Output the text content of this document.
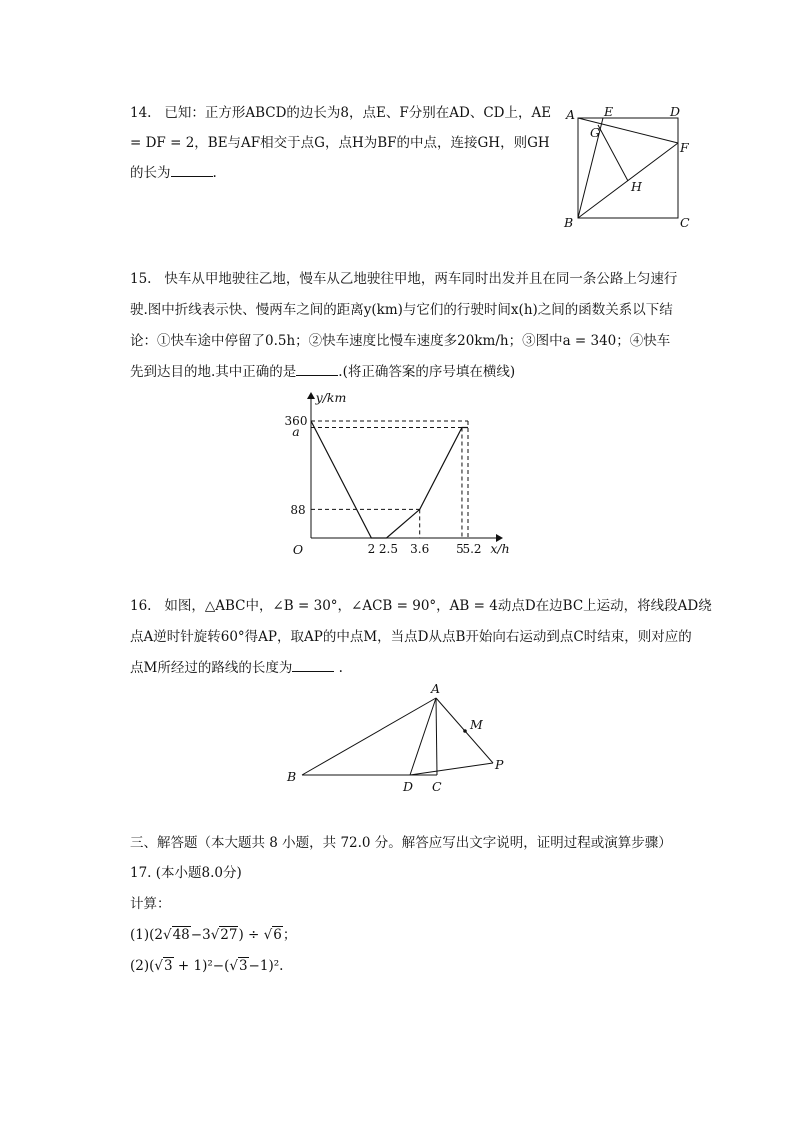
14. 已知：正方形ABCD的边长为8，点E、F分别在AD、CD上，AE
= DF = 2，BE与AF相交于点G，点H为BF的中点，连接GH，则GH
的长为	.
A E	D
G
F
H
B	C
15. 快车从甲地驶往乙地，慢车从乙地驶往甲地，两车同时出发并且在同一条公路上匀速行
驶.图中折线表示快、慢两车之间的距离y(km)与它们的行驶时间x(h)之间的函数关系以下结
论：①快车途中停留了0.5h；②快车速度比慢车速度多20km/h；③图中a = 340；④快车
先到达目的地.其中正确的是	.(将正确答案的序号填在横线)
2 2.5 3.6 5
5.2
360
a
88
O
y/km
x/h
16. 如图，△ABC中，∠B = 30°，∠ACB = 90°，AB = 4动点D在边BC上运动，将线段AD绕
点A逆时针旋转60°得AP，取AP的中点M，当点D从点B开始向右运动到点C时结束，则对应的
点M所经过的路线的长度为	.
A
M
P
B
D C
三、解答题（本大题共 8 小题，共 72.0 分。解答应写出文字说明，证明过程或演算步骤）
17. (本小题8.0分)
计算：
(1)(2√48−3√27) ÷ √6；
(2)(√3 + 1)²−(√3−1)².
